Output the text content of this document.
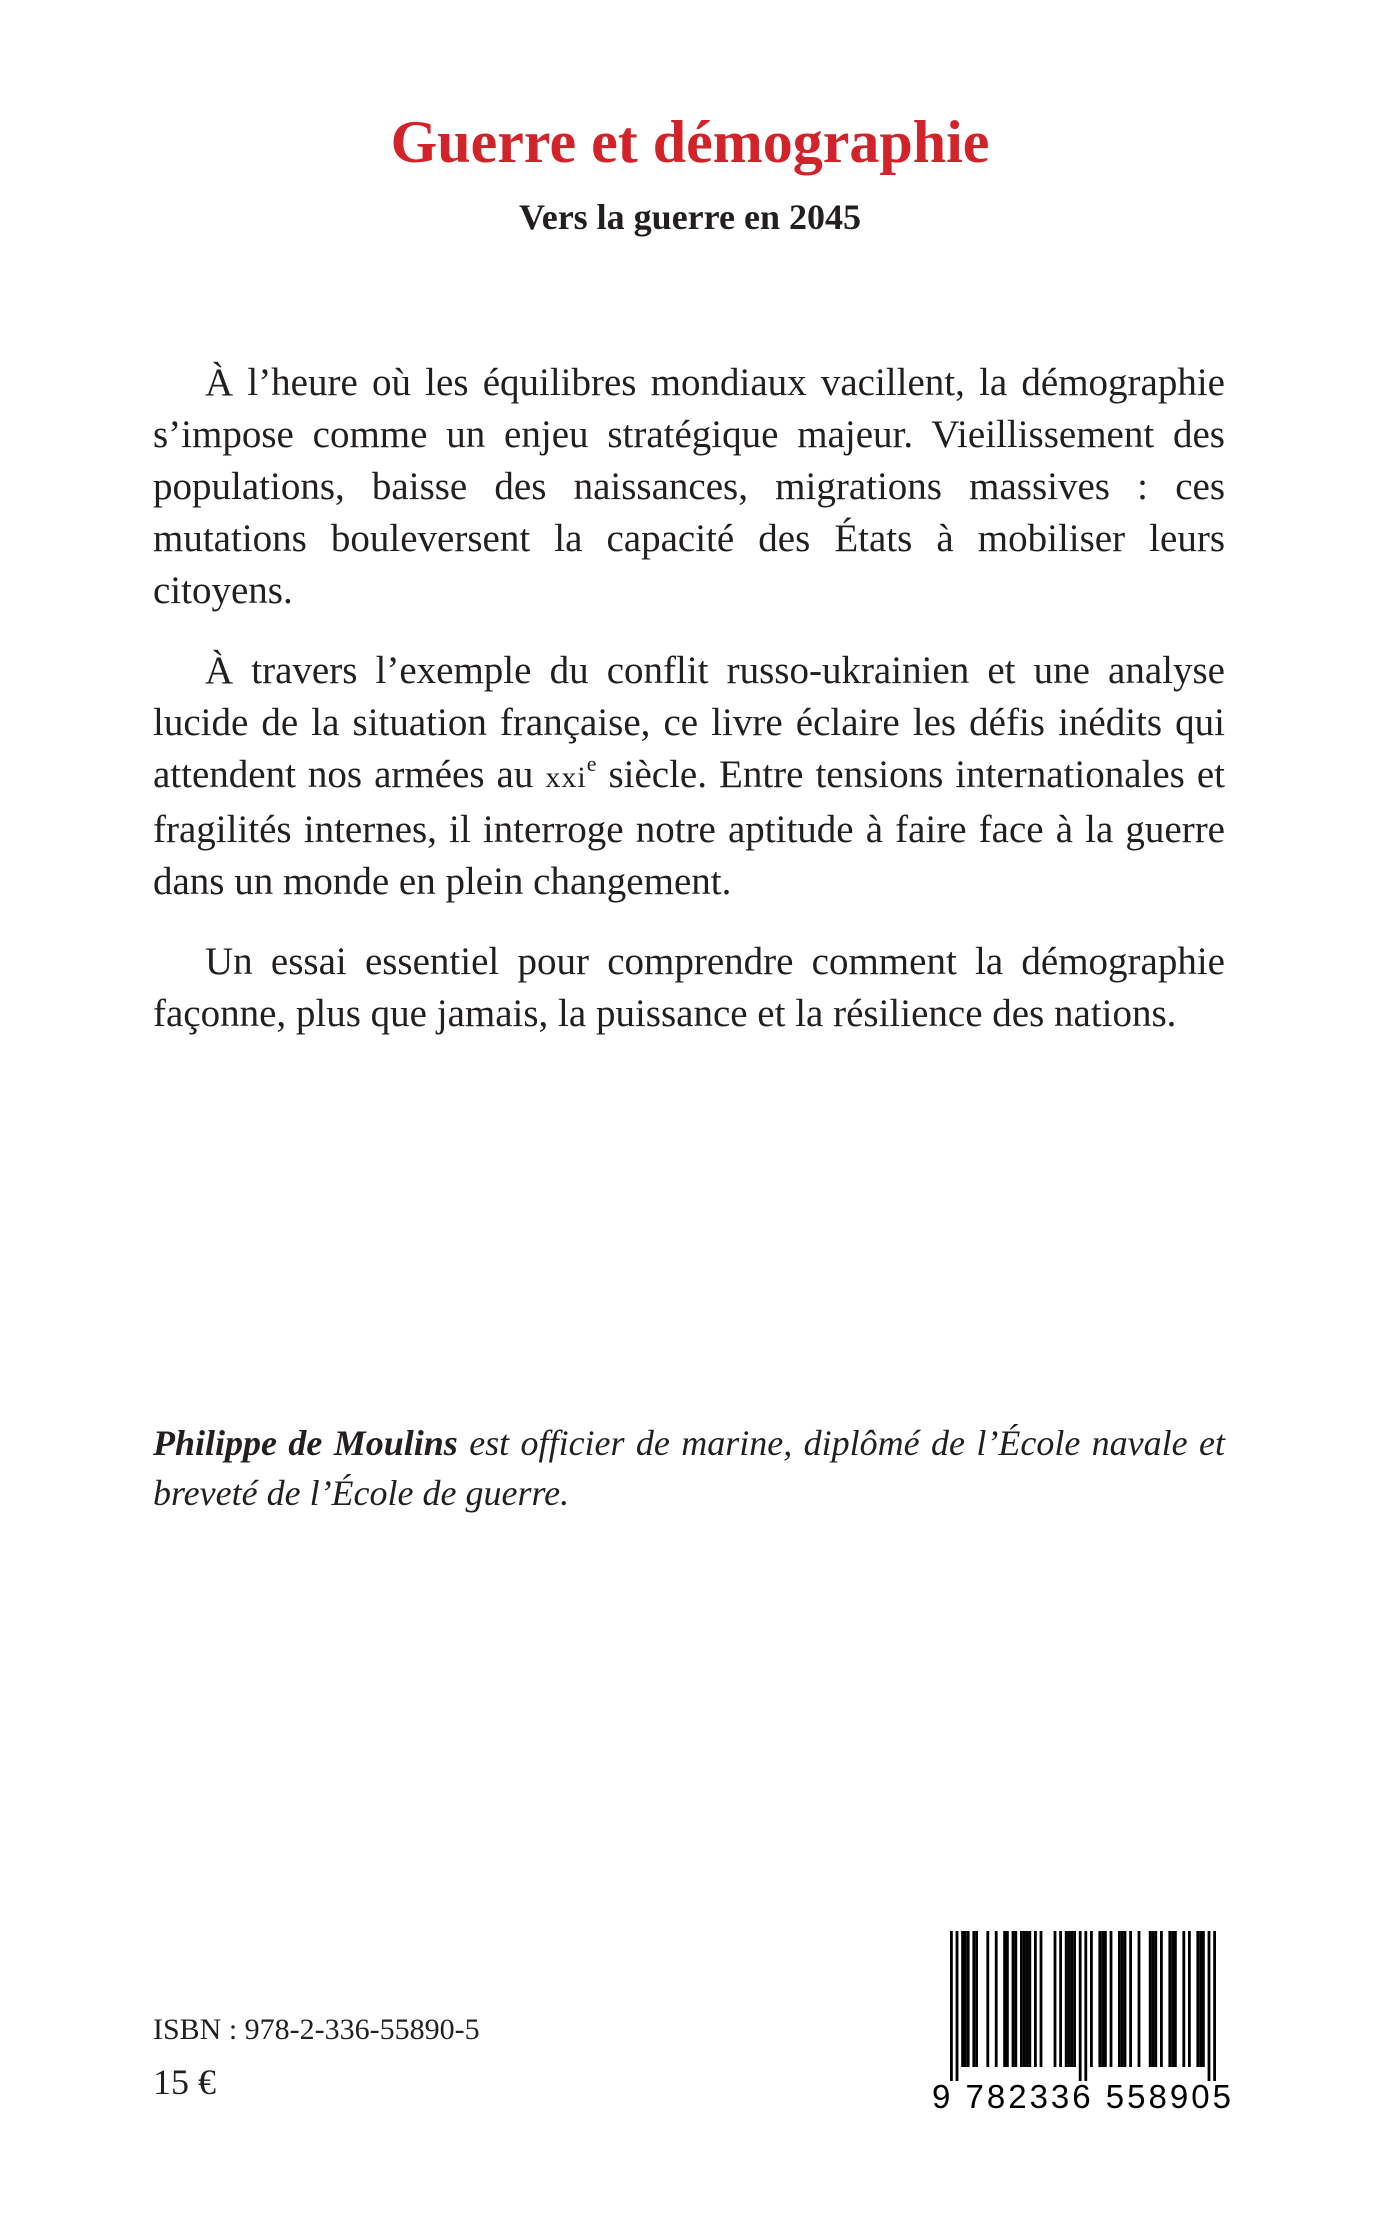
Guerre et démographie
Vers la guerre en 2045

À l’heure où les équilibres mondiaux vacillent, la démographie s’impose comme un enjeu stratégique majeur. Vieillissement des populations, baisse des naissances, migrations massives : ces mutations bouleversent la capacité des États à mobiliser leurs citoyens.

À travers l’exemple du conflit russo-ukrainien et une analyse lucide de la situation française, ce livre éclaire les défis inédits qui attendent nos armées au xxi$^e$ siècle. Entre tensions internationales et fragilités internes, il interroge notre aptitude à faire face à la guerre dans un monde en plein changement.

Un essai essentiel pour comprendre comment la démographie façonne, plus que jamais, la puissance et la résilience des nations.

Philippe de Moulins est officier de marine, diplômé de l’École navale et breveté de l’École de guerre.

ISBN : 978-2-336-55890-5

15 €	9 782336 558905
